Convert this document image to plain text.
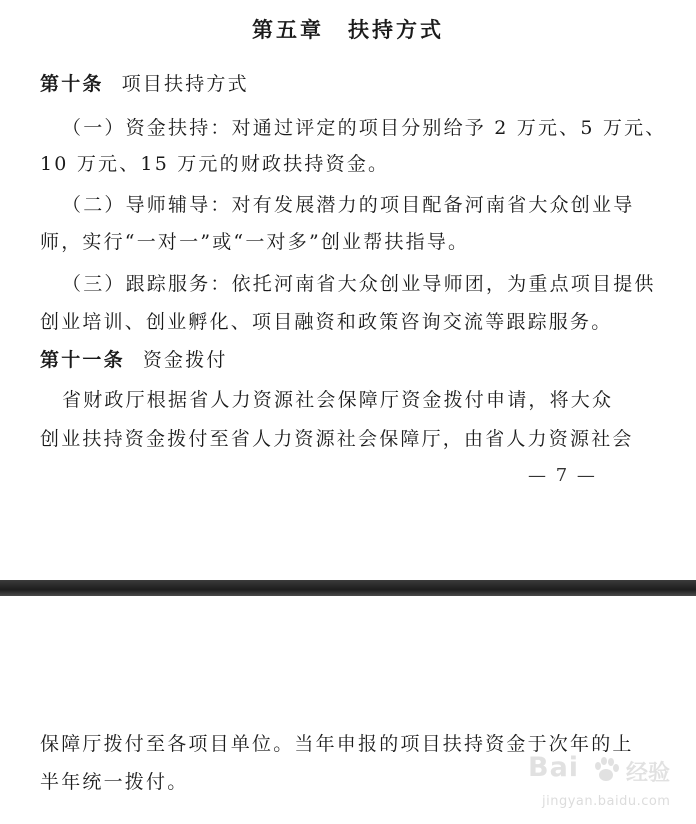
第五章　扶持方式
第十条 项目扶持方式
（一）资金扶持：对通过评定的项目分别给予 2 万元、5 万元、
10 万元、15 万元的财政扶持资金。
（二）导师辅导：对有发展潜力的项目配备河南省大众创业导
师，实行“一对一”或“一对多”创业帮扶指导。
（三）跟踪服务：依托河南省大众创业导师团，为重点项目提供
创业培训、创业孵化、项目融资和政策咨询交流等跟踪服务。
第十一条 资金拨付
省财政厅根据省人力资源社会保障厅资金拨付申请，将大众
创业扶持资金拨付至省人力资源社会保障厅，由省人力资源社会
— 7 —
保障厅拨付至各项目单位。当年申报的项目扶持资金于次年的上
半年统一拨付。	Bai 经验
jingyan.baidu.com
